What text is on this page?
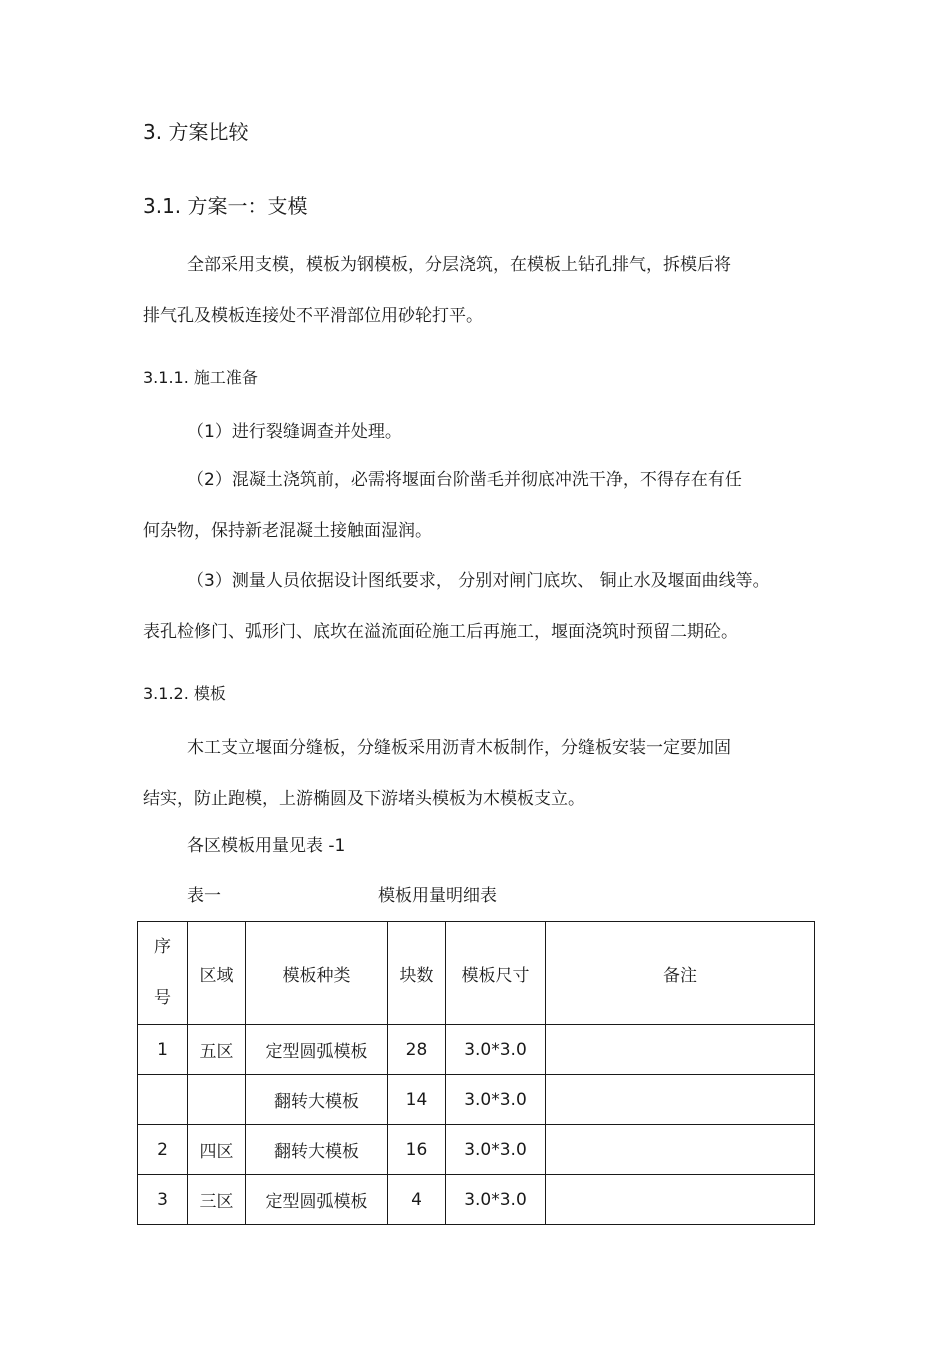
3. 方案比较
3.1. 方案一：支模
全部采用支模，模板为钢模板，分层浇筑，在模板上钻孔排气，拆模后将
排气孔及模板连接处不平滑部位用砂轮打平。
3.1.1. 施工准备
（1）进行裂缝调查并处理。
（2）混凝土浇筑前，必需将堰面台阶凿毛并彻底冲洗干净，不得存在有任
何杂物，保持新老混凝土接触面湿润。
（3）测量人员依据设计图纸要求， 分别对闸门底坎、 铜止水及堰面曲线等。
表孔检修门、弧形门、底坎在溢流面砼施工后再施工，堰面浇筑时预留二期砼。
3.1.2. 模板
木工支立堰面分缝板，分缝板采用沥青木板制作，分缝板安装一定要加固
结实，防止跑模，上游椭圆及下游堵头模板为木模板支立。
各区模板用量见表 -1
表一	模板用量明细表
序
号	区域	模板种类	块数	模板尺寸	备注
1	五区	定型圆弧模板	28	3.0*3.0	
		翻转大模板	14	3.0*3.0	
2	四区	翻转大模板	16	3.0*3.0	
3	三区	定型圆弧模板	4	3.0*3.0	
